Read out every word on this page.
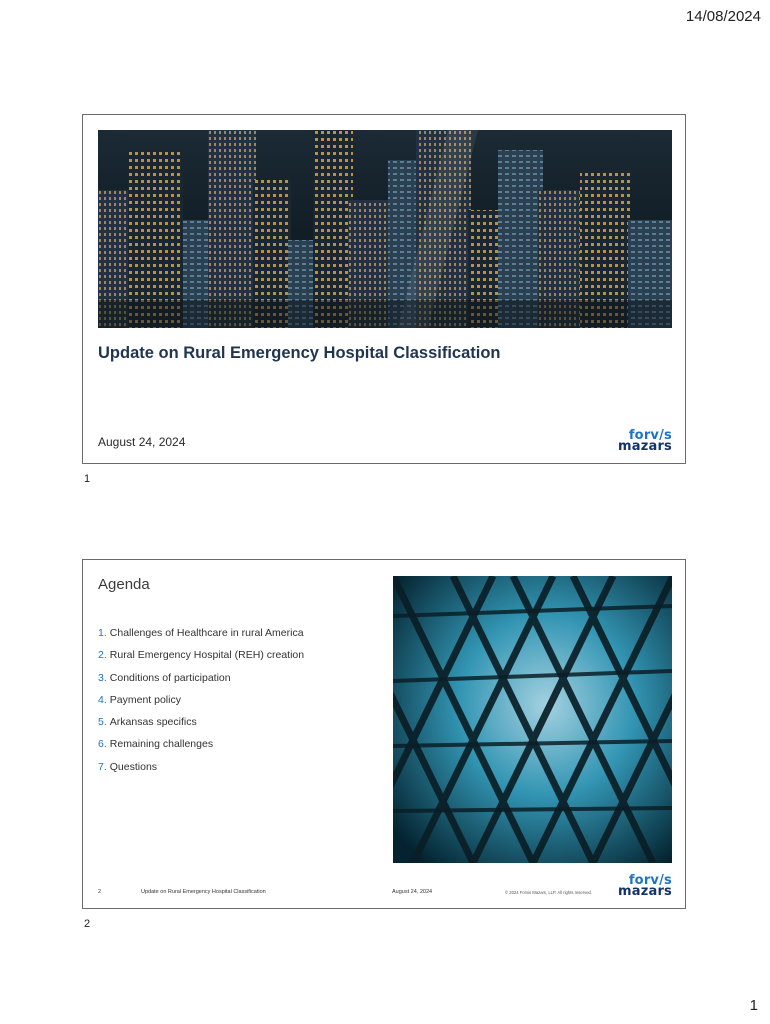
14/08/2024
Update on Rural Emergency Hospital Classification
August 24, 2024	forv/s
mazars
1
Agenda
1. Challenges of Healthcare in rural America
2. Rural Emergency Hospital (REH) creation
3. Conditions of participation
4. Payment policy
5. Arkansas specifics
6. Remaining challenges
7. Questions
2	Update on Rural Emergency Hospital Classification	August 24, 2024	© 2024 Forvis Mazars, LLP. All rights reserved.
forv/s
mazars
2
1
